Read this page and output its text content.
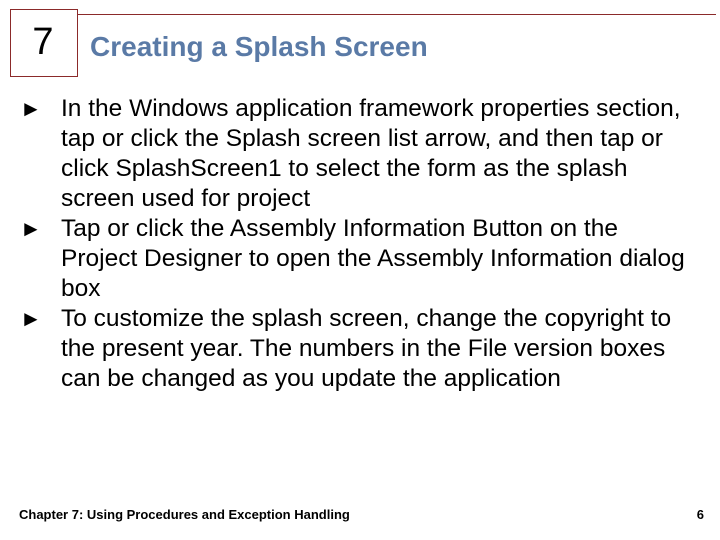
7	Creating a Splash Screen
► In the Windows application framework properties section, tap or click the Splash screen list arrow, and then tap or click SplashScreen1 to select the form as the splash screen used for project
► Tap or click the Assembly Information Button on the Project Designer to open the Assembly Information dialog box
► To customize the splash screen, change the copyright to the present year. The numbers in the File version boxes can be changed as you update the application
Chapter 7: Using Procedures and Exception Handling	6
